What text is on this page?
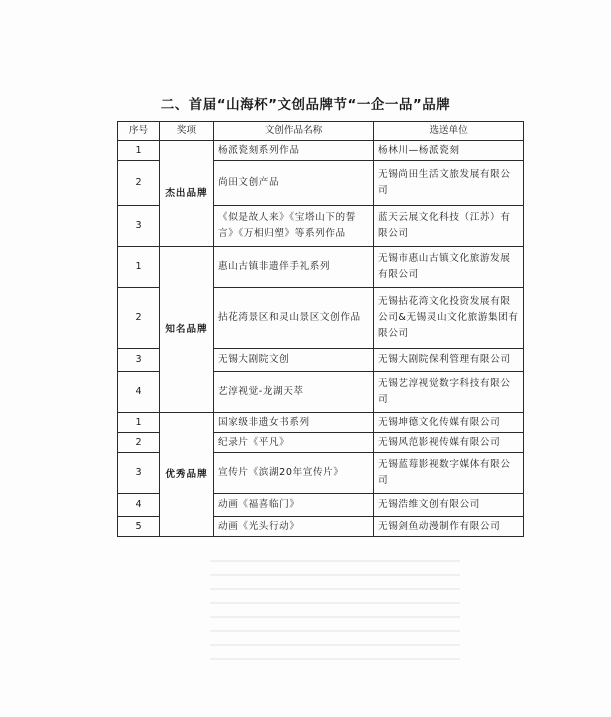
二、首届“山海杯”文创品牌节“一企一品”品牌
序号	奖项	文创作品名称	选送单位
1	杰出品牌	杨派瓷刻系列作品	杨林川—杨派瓷刻
2		尚田文创产品	无锡尚田生活文旅发展有限公司
3		《似是故人来》《宝塔山下的誓言》《万相归塑》等系列作品	蓝天云展文化科技（江苏）有限公司
1	知名品牌	惠山古镇非遗伴手礼系列	无锡市惠山古镇文化旅游发展有限公司
2		拈花湾景区和灵山景区文创作品	无锡拈花湾文化投资发展有限公司&无锡灵山文化旅游集团有限公司
3		无锡大剧院文创	无锡大剧院保利管理有限公司
4		艺淳视觉-龙湖天萃	无锡艺淳视觉数字科技有限公司
1	优秀品牌	国家级非遗女书系列	无锡坤德文化传媒有限公司
2		纪录片《平凡》	无锡风范影视传媒有限公司
3		宣传片《滨湖20年宣传片》	无锡蓝莓影视数字媒体有限公司
4		动画《福喜临门》	无锡浩维文创有限公司
5		动画《光头行动》	无锡剑鱼动漫制作有限公司
